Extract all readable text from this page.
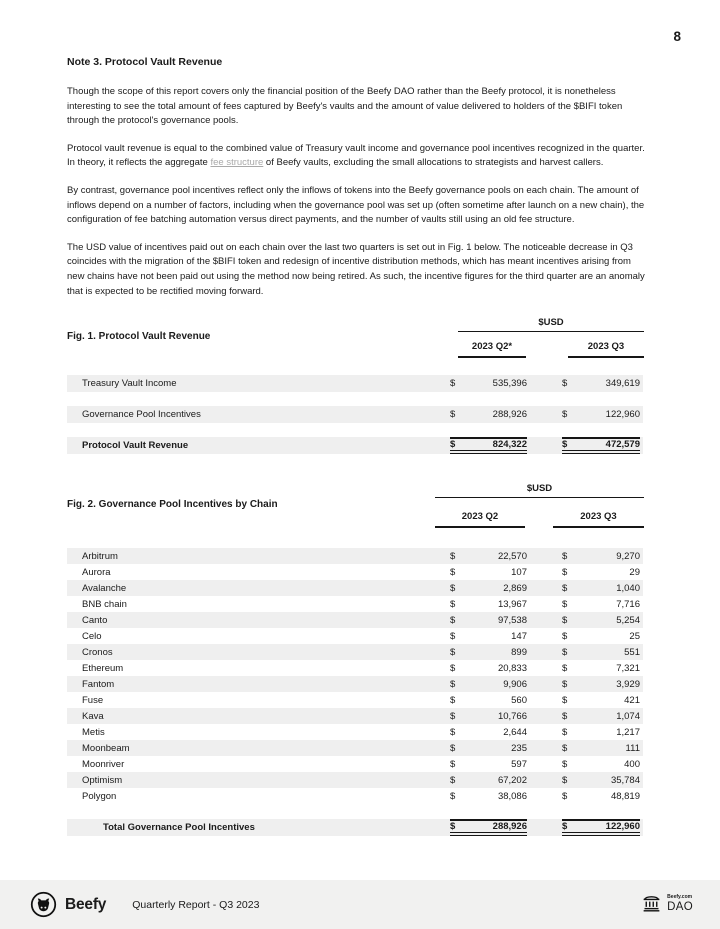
8
Note 3. Protocol Vault Revenue

Though the scope of this report covers only the financial position of the Beefy DAO rather than the Beefy protocol, it is nonetheless interesting to see the total amount of fees captured by Beefy's vaults and the amount of value delivered to holders of the $BIFI token through the protocol's governance pools.

Protocol vault revenue is equal to the combined value of Treasury vault income and governance pool incentives recognized in the quarter. In theory, it reflects the aggregate fee structure of Beefy vaults, excluding the small allocations to strategists and harvest callers.

By contrast, governance pool incentives reflect only the inflows of tokens into the Beefy governance pools on each chain. The amount of inflows depend on a number of factors, including when the governance pool was set up (often sometime after launch on a new chain), the configuration of fee batching automation versus direct payments, and the number of vaults still using an old fee structure.

The USD value of incentives paid out on each chain over the last two quarters is set out in Fig. 1 below. The noticeable decrease in Q3 coincides with the migration of the $BIFI token and redesign of incentive distribution methods, which has meant incentives arising from new chains have not been paid out using the method now being retired. As such, the incentive figures for the third quarter are an anomaly that is expected to be rectified moving forward.

Fig. 1. Protocol Vault Revenue
$USD
2023 Q2*	2023 Q3
Treasury Vault Income	$	535,396	$	349,619
Governance Pool Incentives	$	288,926	$	122,960
Protocol Vault Revenue	$	824,322	$	472,579
Fig. 2. Governance Pool Incentives by Chain
$USD
2023 Q2	2023 Q3
Arbitrum	$	22,570	$	9,270
Aurora	$	107	$	29
Avalanche	$	2,869	$	1,040
BNB chain	$	13,967	$	7,716
Canto	$	97,538	$	5,254
Celo	$	147	$	25
Cronos	$	899	$	551
Ethereum	$	20,833	$	7,321
Fantom	$	9,906	$	3,929
Fuse	$	560	$	421
Kava	$	10,766	$	1,074
Metis	$	2,644	$	1,217
Moonbeam	$	235	$	111
Moonriver	$	597	$	400
Optimism	$	67,202	$	35,784
Polygon	$	38,086	$	48,819
Total Governance Pool Incentives	$	288,926	$	122,960
Beefy Quarterly Report - Q3 2023
Beefy.com
DAO
